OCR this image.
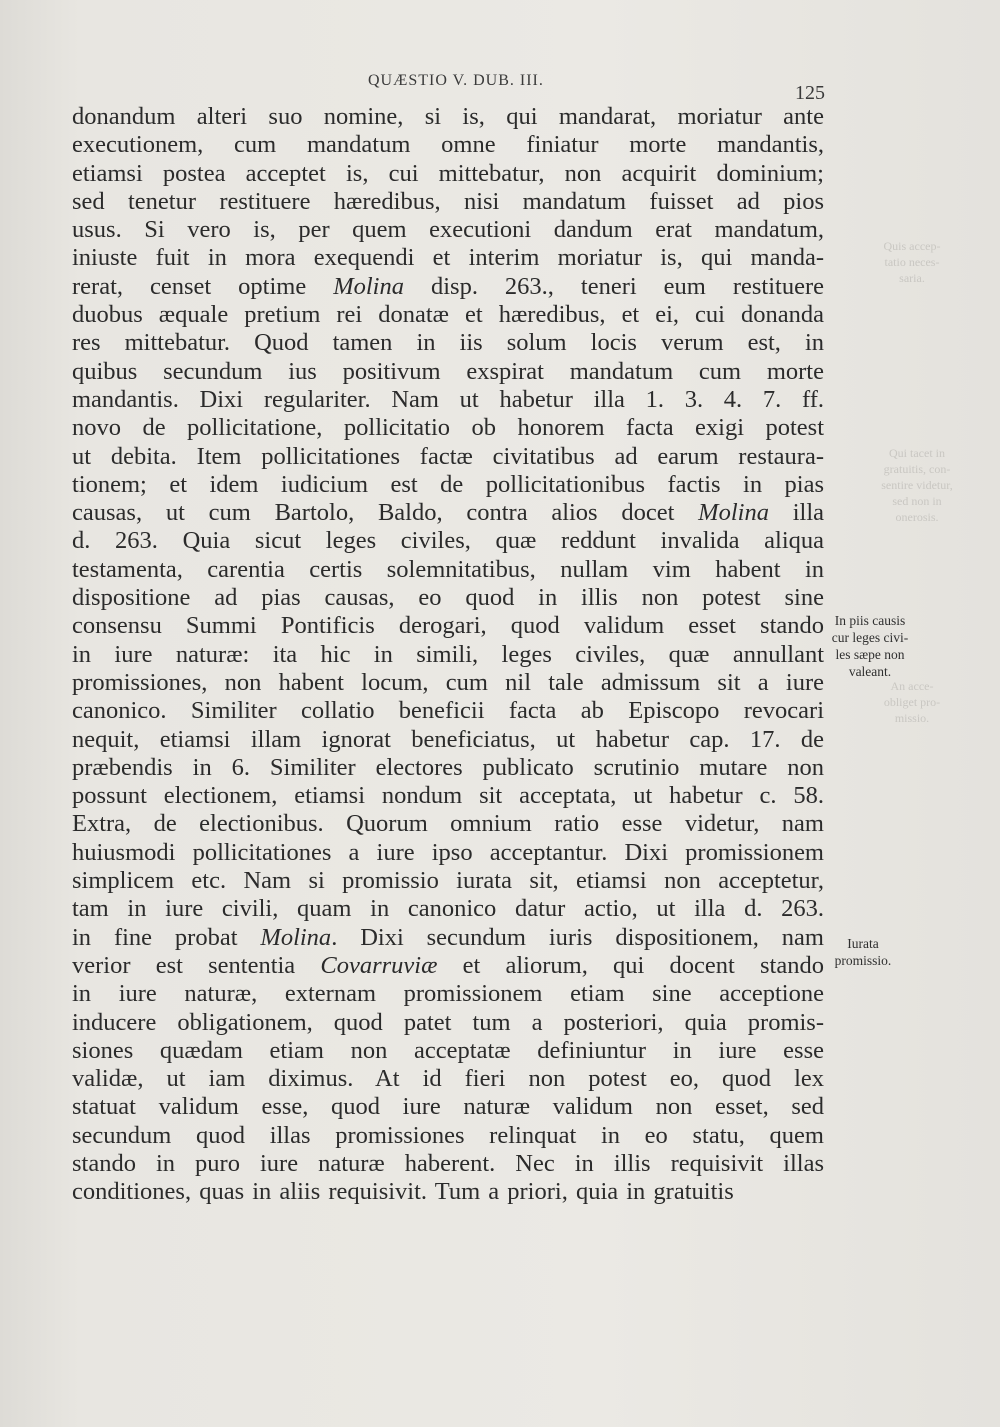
QUÆSTIO V. DUB. III.
125
Quis accep-
tatio neces-
saria.
Qui tacet in
gratuitis, con-
sentire videtur,
sed non in
onerosis.
An acce-
obliget pro-
missio.
donandum alteri suo nomine, si is, qui mandarat, moriatur ante
executionem, cum mandatum omne finiatur morte mandantis,
etiamsi postea acceptet is, cui mittebatur, non acquirit dominium;
sed tenetur restituere hæredibus, nisi mandatum fuisset ad pios
usus. Si vero is, per quem executioni dandum erat mandatum,
iniuste fuit in mora exequendi et interim moriatur is, qui manda-
rerat, censet optime Molina disp. 263., teneri eum restituere
duobus æquale pretium rei donatæ et hæredibus, et ei, cui donanda
res mittebatur. Quod tamen in iis solum locis verum est, in
quibus secundum ius positivum exspirat mandatum cum morte
mandantis. Dixi regulariter. Nam ut habetur illa 1. 3. 4. 7. ff.
novo de pollicitatione, pollicitatio ob honorem facta exigi potest
ut debita. Item pollicitationes factæ civitatibus ad earum restaura-
tionem; et idem iudicium est de pollicitationibus factis in pias
causas, ut cum Bartolo, Baldo, contra alios docet Molina illa
d. 263. Quia sicut leges civiles, quæ reddunt invalida aliqua
testamenta, carentia certis solemnitatibus, nullam vim habent in
dispositione ad pias causas, eo quod in illis non potest sine
consensu Summi Pontificis derogari, quod validum esset stando
in iure naturæ: ita hic in simili, leges civiles, quæ annullant
promissiones, non habent locum, cum nil tale admissum sit a iure
canonico. Similiter collatio beneficii facta ab Episcopo revocari
nequit, etiamsi illam ignorat beneficiatus, ut habetur cap. 17. de
præbendis in 6. Similiter electores publicato scrutinio mutare non
possunt electionem, etiamsi nondum sit acceptata, ut habetur c. 58.
Extra, de electionibus. Quorum omnium ratio esse videtur, nam
huiusmodi pollicitationes a iure ipso acceptantur. Dixi promissionem
simplicem etc. Nam si promissio iurata sit, etiamsi non acceptetur,
tam in iure civili, quam in canonico datur actio, ut illa d. 263.
in fine probat Molina. Dixi secundum iuris dispositionem, nam
verior est sententia Covarruviæ et aliorum, qui docent stando
in iure naturæ, externam promissionem etiam sine acceptione
inducere obligationem, quod patet tum a posteriori, quia promis-
siones quædam etiam non acceptatæ definiuntur in iure esse
validæ, ut iam diximus. At id fieri non potest eo, quod lex
statuat validum esse, quod iure naturæ validum non esset, sed
secundum quod illas promissiones relinquat in eo statu, quem
stando in puro iure naturæ haberent. Nec in illis requisivit illas
conditiones, quas in aliis requisivit. Tum a priori, quia in gratuitis
In piis causis
cur leges civi-
les sæpe non
valeant.
Iurata
promissio.
